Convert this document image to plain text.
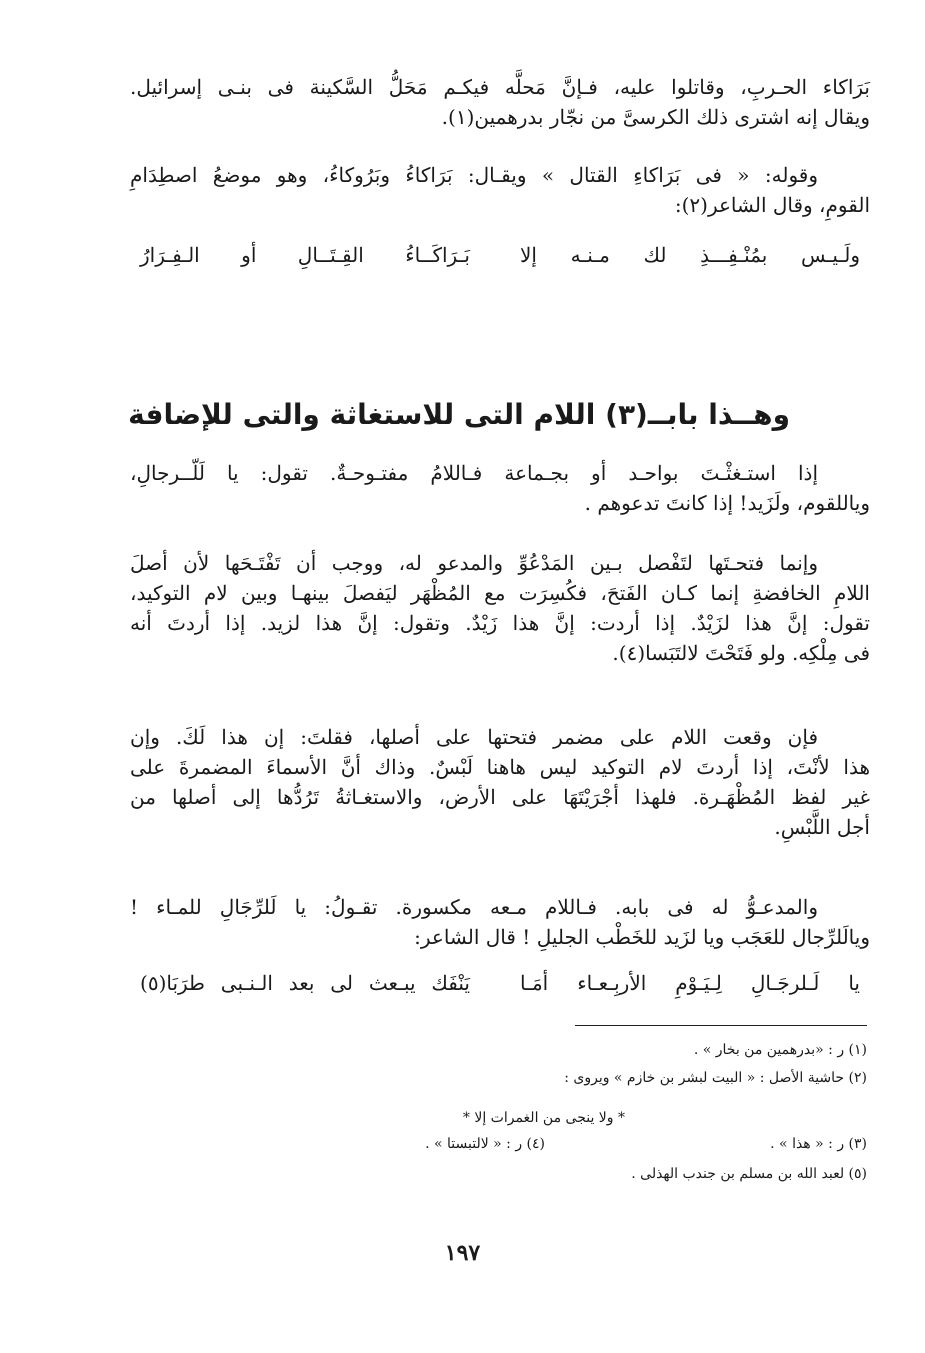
بَرَاكاء الحـربِ، وقاتلوا عليه، فـإنَّ مَحلَّه فيكـم مَحَلُّ السَّكينة فى بنـى إسرائيل.
ويقال إنه اشترى ذلك الكرسىَّ من نجّار بدرهمين(١).
وقوله: « فى بَرَاكاءِ القتال » ويقـال: بَرَاكاءُ وبَرُوكاءُ، وهو موضعُ اصطِدَامِ
القومِ، وقال الشاعر(٢):
ولَـيـس بمُنْـفِـــذِ لك مـنـه إلا
بَـرَاكَــاءُ القِـتَــالِ أو الـفِـرَارُ
وهــذا بابــ(٣) اللام التى للاستغاثة والتى للإضافة
إذا استـغثْـتَ بواحـد أو بجـماعة فـاللامُ مفتـوحـةٌ. تقول: يا لَلّــرجالِ،
وياللقوم، ولَزَيد! إذا كانتَ تدعوهم .
وإنما فتحـتَها لتَفْصل بـين المَدْعُوِّ والمدعو له، ووجب أن تَفْتَـحَها لأن أصلَ
اللامِ الخافضةِ إنما كـان الفَتحَ، فكُسِرَت مع المُظْهَر ليَفصلَ بينهـا وبين لام التوكيد،
تقول: إنَّ هذا لزَيْدٌ. إذا أردت: إنَّ هذا زَيْدٌ. وتقول: إنَّ هذا لزيد. إذا أردتَ أنه
فى مِلْكِه. ولو فَتَحْتَ لالتَبَسا(٤).
فإن وقعت اللام على مضمر فتحتها على أصلها، فقلتَ: إن هذا لَكَ. وإن
هذا لأنْتَ، إذا أردتَ لام التوكيد ليس هاهنا لَبْسٌ. وذاك أنَّ الأسماءَ المضمرةَ على
غير لفظ المُظْهَـرة. فلهذا أجْرَيْتَهَا على الأرض، والاستغـاثةُ تَرُدُّها إلى أصلها من
أجل اللَّبْسِ.
والمدعـوُّ له فى بابه. فـاللام مـعه مكسورة. تقـولُ: يا لَلرِّجَالِ للمـاء !
ويالَلرِّجال للعَجَب ويا لزَيد للخَطْب الجليلِ ! قال الشاعر:
يا لَـلرجَـالِ لِـيَـوْمِ الأربِـعـاء أمَـا
يَنْفَك يبـعث لى بعد الـنـبى طرَبَا(٥)
(١) ر : «بدرهمين من بخار » .
(٢) حاشية الأصل : « البيت لبشر بن خازم » ويروى :
* ولا ينجى من الغمرات إلا *
(٣) ر : « هذا » .
(٤) ر : « لالتبستا » .
(٥) لعبد الله بن مسلم بن جندب الهذلى .
١٩٧
